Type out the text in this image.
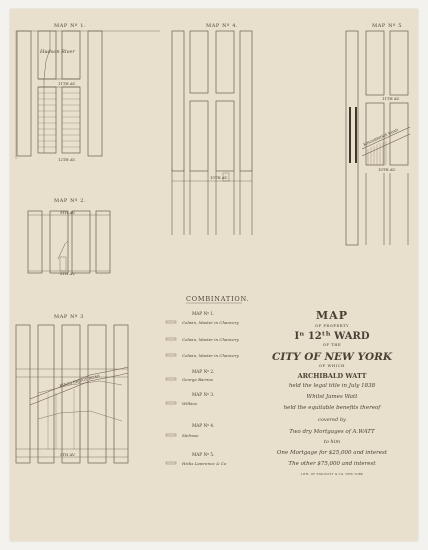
MAP Nº 1.
Hudson River
11TH AV.
12TH AV.
MAP Nº 2.
9TH AV.
8TH AV.
MAP Nº 3
KINGS BRIDGE ROAD
5TH AV.
MAP Nº 4.
10TH AV.
MAP Nº 5
11TH AV.
10TH AV.
KINGSBRIDGE ROAD
COMBINATION.
MAP Nº 1.
Colwin, Master in Chancery
Colwin, Master in Chancery
Colwin, Master in Chancery
MAP Nº 2.
George Barrios
MAP Nº 3.
Wilkins
MAP Nº 4.
Melrose
MAP Nº 5.
Hicks Lawrence & Co
MAP
OF PROPERTY
Iⁿ 12ᵗʰ WARD
OF THE
CITY OF NEW YORK
OF WHICH
ARCHIBALD WATT
held the legal title in July 1838
Whilst James Watt
held the equitable benefits thereof
covered by
Two dry Mortgages of A.WATT
to him
One Mortgage for $25,000 and interest
The other $75,000 and interest
LITH. OF ENDICOTT & CO. NEW YORK
